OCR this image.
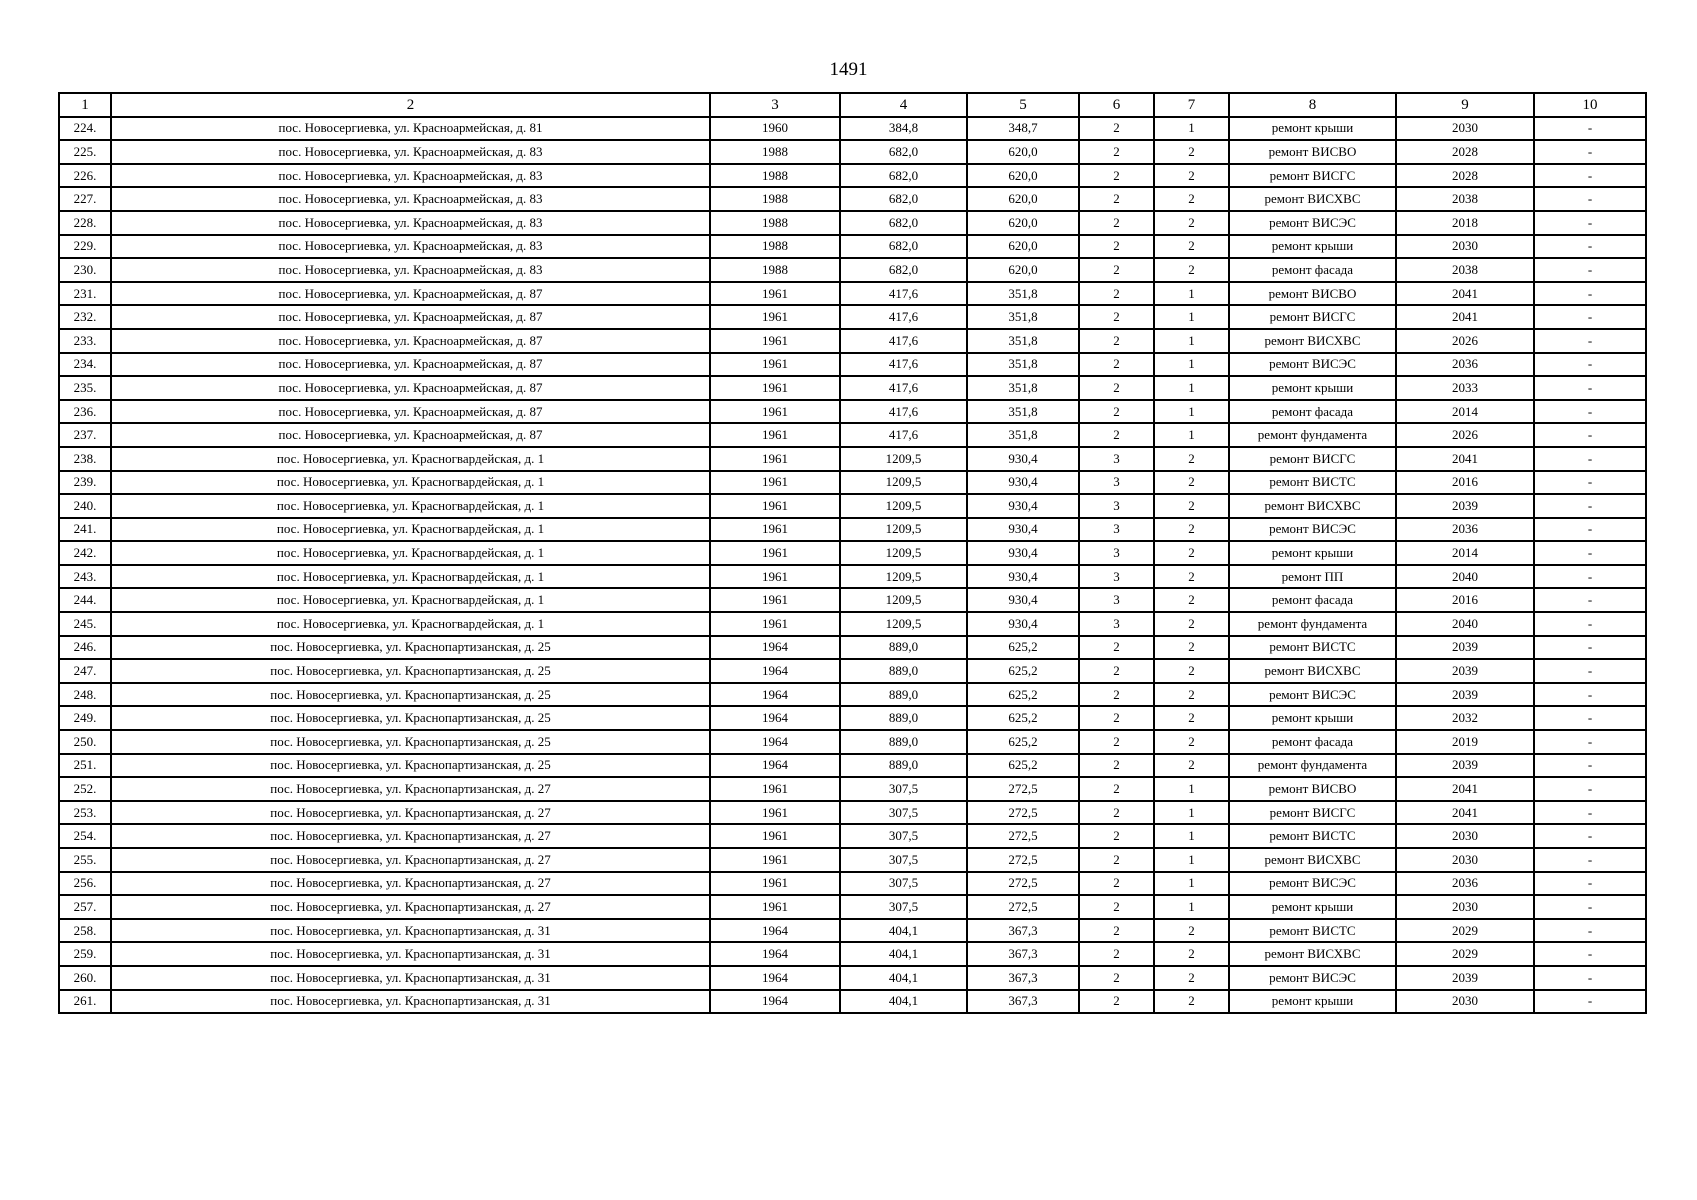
1491
1	2	3	4	5	6	7	8	9	10
224.	пос. Новосергиевка, ул. Красноармейская, д. 81	1960	384,8	348,7	2	1	ремонт крыши	2030	-
225.	пос. Новосергиевка, ул. Красноармейская, д. 83	1988	682,0	620,0	2	2	ремонт ВИСВО	2028	-
226.	пос. Новосергиевка, ул. Красноармейская, д. 83	1988	682,0	620,0	2	2	ремонт ВИСГС	2028	-
227.	пос. Новосергиевка, ул. Красноармейская, д. 83	1988	682,0	620,0	2	2	ремонт ВИСХВС	2038	-
228.	пос. Новосергиевка, ул. Красноармейская, д. 83	1988	682,0	620,0	2	2	ремонт ВИСЭС	2018	-
229.	пос. Новосергиевка, ул. Красноармейская, д. 83	1988	682,0	620,0	2	2	ремонт крыши	2030	-
230.	пос. Новосергиевка, ул. Красноармейская, д. 83	1988	682,0	620,0	2	2	ремонт фасада	2038	-
231.	пос. Новосергиевка, ул. Красноармейская, д. 87	1961	417,6	351,8	2	1	ремонт ВИСВО	2041	-
232.	пос. Новосергиевка, ул. Красноармейская, д. 87	1961	417,6	351,8	2	1	ремонт ВИСГС	2041	-
233.	пос. Новосергиевка, ул. Красноармейская, д. 87	1961	417,6	351,8	2	1	ремонт ВИСХВС	2026	-
234.	пос. Новосергиевка, ул. Красноармейская, д. 87	1961	417,6	351,8	2	1	ремонт ВИСЭС	2036	-
235.	пос. Новосергиевка, ул. Красноармейская, д. 87	1961	417,6	351,8	2	1	ремонт крыши	2033	-
236.	пос. Новосергиевка, ул. Красноармейская, д. 87	1961	417,6	351,8	2	1	ремонт фасада	2014	-
237.	пос. Новосергиевка, ул. Красноармейская, д. 87	1961	417,6	351,8	2	1	ремонт фундамента	2026	-
238.	пос. Новосергиевка, ул. Красногвардейская, д. 1	1961	1209,5	930,4	3	2	ремонт ВИСГС	2041	-
239.	пос. Новосергиевка, ул. Красногвардейская, д. 1	1961	1209,5	930,4	3	2	ремонт ВИСТС	2016	-
240.	пос. Новосергиевка, ул. Красногвардейская, д. 1	1961	1209,5	930,4	3	2	ремонт ВИСХВС	2039	-
241.	пос. Новосергиевка, ул. Красногвардейская, д. 1	1961	1209,5	930,4	3	2	ремонт ВИСЭС	2036	-
242.	пос. Новосергиевка, ул. Красногвардейская, д. 1	1961	1209,5	930,4	3	2	ремонт крыши	2014	-
243.	пос. Новосергиевка, ул. Красногвардейская, д. 1	1961	1209,5	930,4	3	2	ремонт ПП	2040	-
244.	пос. Новосергиевка, ул. Красногвардейская, д. 1	1961	1209,5	930,4	3	2	ремонт фасада	2016	-
245.	пос. Новосергиевка, ул. Красногвардейская, д. 1	1961	1209,5	930,4	3	2	ремонт фундамента	2040	-
246.	пос. Новосергиевка, ул. Краснопартизанская, д. 25	1964	889,0	625,2	2	2	ремонт ВИСТС	2039	-
247.	пос. Новосергиевка, ул. Краснопартизанская, д. 25	1964	889,0	625,2	2	2	ремонт ВИСХВС	2039	-
248.	пос. Новосергиевка, ул. Краснопартизанская, д. 25	1964	889,0	625,2	2	2	ремонт ВИСЭС	2039	-
249.	пос. Новосергиевка, ул. Краснопартизанская, д. 25	1964	889,0	625,2	2	2	ремонт крыши	2032	-
250.	пос. Новосергиевка, ул. Краснопартизанская, д. 25	1964	889,0	625,2	2	2	ремонт фасада	2019	-
251.	пос. Новосергиевка, ул. Краснопартизанская, д. 25	1964	889,0	625,2	2	2	ремонт фундамента	2039	-
252.	пос. Новосергиевка, ул. Краснопартизанская, д. 27	1961	307,5	272,5	2	1	ремонт ВИСВО	2041	-
253.	пос. Новосергиевка, ул. Краснопартизанская, д. 27	1961	307,5	272,5	2	1	ремонт ВИСГС	2041	-
254.	пос. Новосергиевка, ул. Краснопартизанская, д. 27	1961	307,5	272,5	2	1	ремонт ВИСТС	2030	-
255.	пос. Новосергиевка, ул. Краснопартизанская, д. 27	1961	307,5	272,5	2	1	ремонт ВИСХВС	2030	-
256.	пос. Новосергиевка, ул. Краснопартизанская, д. 27	1961	307,5	272,5	2	1	ремонт ВИСЭС	2036	-
257.	пос. Новосергиевка, ул. Краснопартизанская, д. 27	1961	307,5	272,5	2	1	ремонт крыши	2030	-
258.	пос. Новосергиевка, ул. Краснопартизанская, д. 31	1964	404,1	367,3	2	2	ремонт ВИСТС	2029	-
259.	пос. Новосергиевка, ул. Краснопартизанская, д. 31	1964	404,1	367,3	2	2	ремонт ВИСХВС	2029	-
260.	пос. Новосергиевка, ул. Краснопартизанская, д. 31	1964	404,1	367,3	2	2	ремонт ВИСЭС	2039	-
261.	пос. Новосергиевка, ул. Краснопартизанская, д. 31	1964	404,1	367,3	2	2	ремонт крыши	2030	-
